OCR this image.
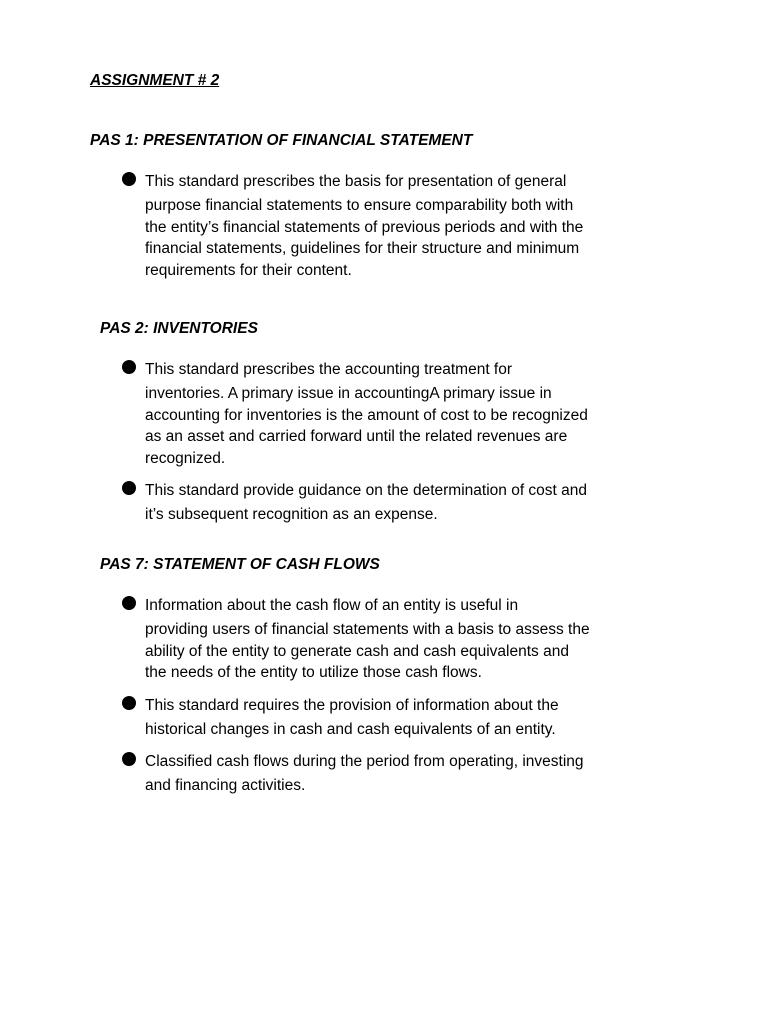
ASSIGNMENT # 2
PAS 1: PRESENTATION OF FINANCIAL STATEMENT
This standard prescribes the basis for presentation of general
purpose financial statements to ensure comparability both with
the entity’s financial statements of previous periods and with the
financial statements, guidelines for their structure and minimum
requirements for their content.
PAS 2: INVENTORIES
This standard prescribes the accounting treatment for
inventories. A primary issue in accountingA primary issue in
accounting for inventories is the amount of cost to be recognized
as an asset and carried forward until the related revenues are
recognized.
This standard provide guidance on the determination of cost and
it’s subsequent recognition as an expense.
PAS 7: STATEMENT OF CASH FLOWS
Information about the cash flow of an entity is useful in
providing users of financial statements with a basis to assess the
ability of the entity to generate cash and cash equivalents and
the needs of the entity to utilize those cash flows.
This standard requires the provision of information about the
historical changes in cash and cash equivalents of an entity.
Classified cash flows during the period from operating, investing
and financing activities.
